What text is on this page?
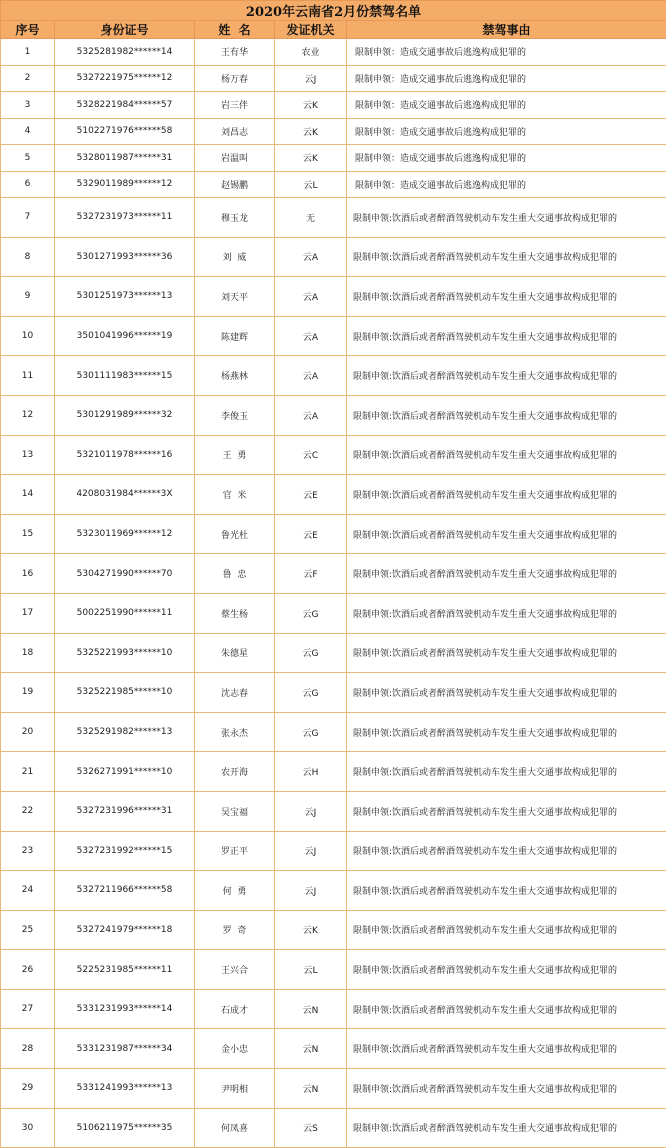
2020年云南省2月份禁驾名单				
序号	身份证号	姓  名	发证机关	禁驾事由
1	5325281982******14	王有华	农业	限制申领：造成交通事故后逃逸构成犯罪的
2	5327221975******12	杨万春	云J	限制申领：造成交通事故后逃逸构成犯罪的
3	5328221984******57	岩三伴	云K	限制申领：造成交通事故后逃逸构成犯罪的
4	5102271976******58	刘昌志	云K	限制申领：造成交通事故后逃逸构成犯罪的
5	5328011987******31	岩温叫	云K	限制申领：造成交通事故后逃逸构成犯罪的
6	5329011989******12	赵锡鹏	云L	限制申领：造成交通事故后逃逸构成犯罪的
7	5327231973******11	穆玉龙	无	限制申领:饮酒后或者醉酒驾驶机动车发生重大交通事故构成犯罪的
8	5301271993******36	刘  威	云A	限制申领:饮酒后或者醉酒驾驶机动车发生重大交通事故构成犯罪的
9	5301251973******13	刘天平	云A	限制申领:饮酒后或者醉酒驾驶机动车发生重大交通事故构成犯罪的
10	3501041996******19	陈建辉	云A	限制申领:饮酒后或者醉酒驾驶机动车发生重大交通事故构成犯罪的
11	5301111983******15	杨燕林	云A	限制申领:饮酒后或者醉酒驾驶机动车发生重大交通事故构成犯罪的
12	5301291989******32	李俊玉	云A	限制申领:饮酒后或者醉酒驾驶机动车发生重大交通事故构成犯罪的
13	5321011978******16	王  勇	云C	限制申领:饮酒后或者醉酒驾驶机动车发生重大交通事故构成犯罪的
14	4208031984******3X	官  米	云E	限制申领:饮酒后或者醉酒驾驶机动车发生重大交通事故构成犯罪的
15	5323011969******12	鲁光杜	云E	限制申领:饮酒后或者醉酒驾驶机动车发生重大交通事故构成犯罪的
16	5304271990******70	鲁  忠	云F	限制申领:饮酒后或者醉酒驾驶机动车发生重大交通事故构成犯罪的
17	5002251990******11	蔡生杨	云G	限制申领:饮酒后或者醉酒驾驶机动车发生重大交通事故构成犯罪的
18	5325221993******10	朱德星	云G	限制申领:饮酒后或者醉酒驾驶机动车发生重大交通事故构成犯罪的
19	5325221985******10	沈志春	云G	限制申领:饮酒后或者醉酒驾驶机动车发生重大交通事故构成犯罪的
20	5325291982******13	张永杰	云G	限制申领:饮酒后或者醉酒驾驶机动车发生重大交通事故构成犯罪的
21	5326271991******10	农开海	云H	限制申领:饮酒后或者醉酒驾驶机动车发生重大交通事故构成犯罪的
22	5327231996******31	吴宝福	云J	限制申领:饮酒后或者醉酒驾驶机动车发生重大交通事故构成犯罪的
23	5327231992******15	罗正平	云J	限制申领:饮酒后或者醉酒驾驶机动车发生重大交通事故构成犯罪的
24	5327211966******58	何  勇	云J	限制申领:饮酒后或者醉酒驾驶机动车发生重大交通事故构成犯罪的
25	5327241979******18	罗  奇	云K	限制申领:饮酒后或者醉酒驾驶机动车发生重大交通事故构成犯罪的
26	5225231985******11	王兴合	云L	限制申领:饮酒后或者醉酒驾驶机动车发生重大交通事故构成犯罪的
27	5331231993******14	石成才	云N	限制申领:饮酒后或者醉酒驾驶机动车发生重大交通事故构成犯罪的
28	5331231987******34	金小忠	云N	限制申领:饮酒后或者醉酒驾驶机动车发生重大交通事故构成犯罪的
29	5331241993******13	尹明相	云N	限制申领:饮酒后或者醉酒驾驶机动车发生重大交通事故构成犯罪的
30	5106211975******35	何凤喜	云S	限制申领:饮酒后或者醉酒驾驶机动车发生重大交通事故构成犯罪的
